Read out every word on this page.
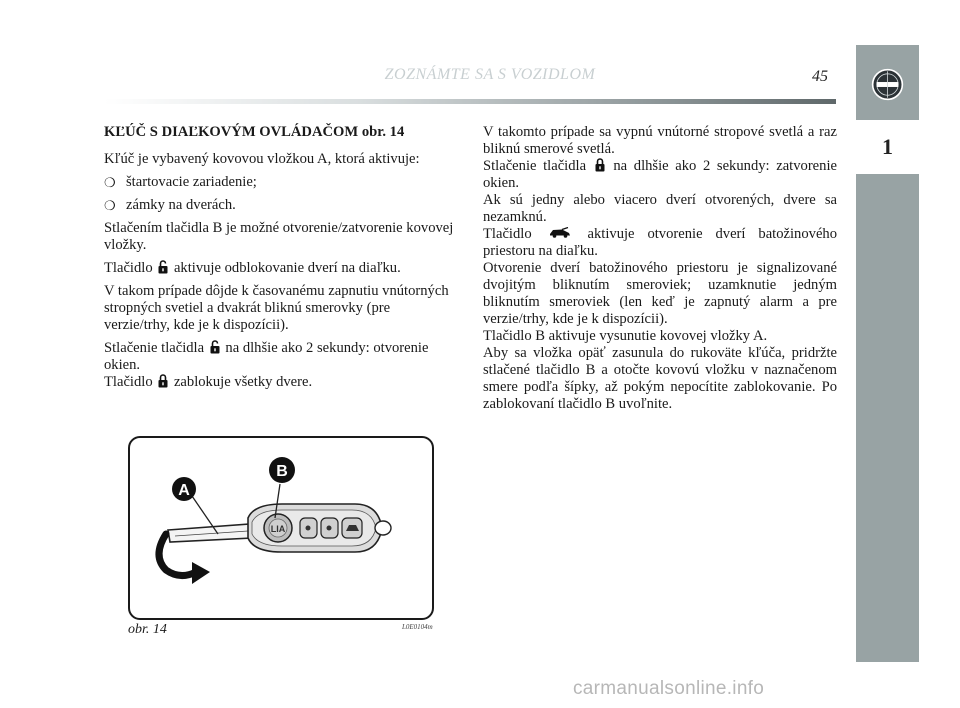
ZOZNÁMTE SA S VOZIDLOM	45
1
KĽÚČ S DIAĽKOVÝM OVLÁDAČOM obr. 14
Kľúč je vybavený kovovou vložkou A, ktorá aktivuje:
❍ štartovacie zariadenie;
❍ zámky na dverách.
Stlačením tlačidla B je možné otvorenie/zatvorenie kovovej vložky.
Tlačidlo aktivuje odblokovanie dverí na diaľku.
V takom prípade dôjde k časovanému zapnutiu vnútorných stropných svetiel a dvakrát bliknú smerovky (pre verzie/trhy, kde je k dispozícii).
Stlačenie tlačidla na dlhšie ako 2 sekundy: otvorenie okien.
Tlačidlo zablokuje všetky dvere.
V takomto prípade sa vypnú vnútorné stropové svetlá a raz bliknú smerové svetlá.
Stlačenie tlačidla na dlhšie ako 2 sekundy: zatvorenie okien.
Ak sú jedny alebo viacero dverí otvorených, dvere sa nezamknú.
Tlačidlo	aktivuje otvorenie dverí batožinového priestoru na diaľku.
Otvorenie dverí batožinového priestoru je signalizované dvojitým bliknutím smeroviek; uzamknutie jedným bliknutím smeroviek (len keď je zapnutý alarm a pre verzie/trhy, kde je k dispozícii).
Tlačidlo B aktivuje vysunutie kovovej vložky A.
Aby sa vložka opäť zasunula do rukoväte kľúča, pridržte stlačené tlačidlo B a otočte kovovú vložku v naznačenom smere podľa šípky, až pokým nepocítite zablokovanie. Po zablokovaní tlačidlo B uvoľnite.
LIA
A
B
obr. 14	L0E0104m
carmanualsonline.info
